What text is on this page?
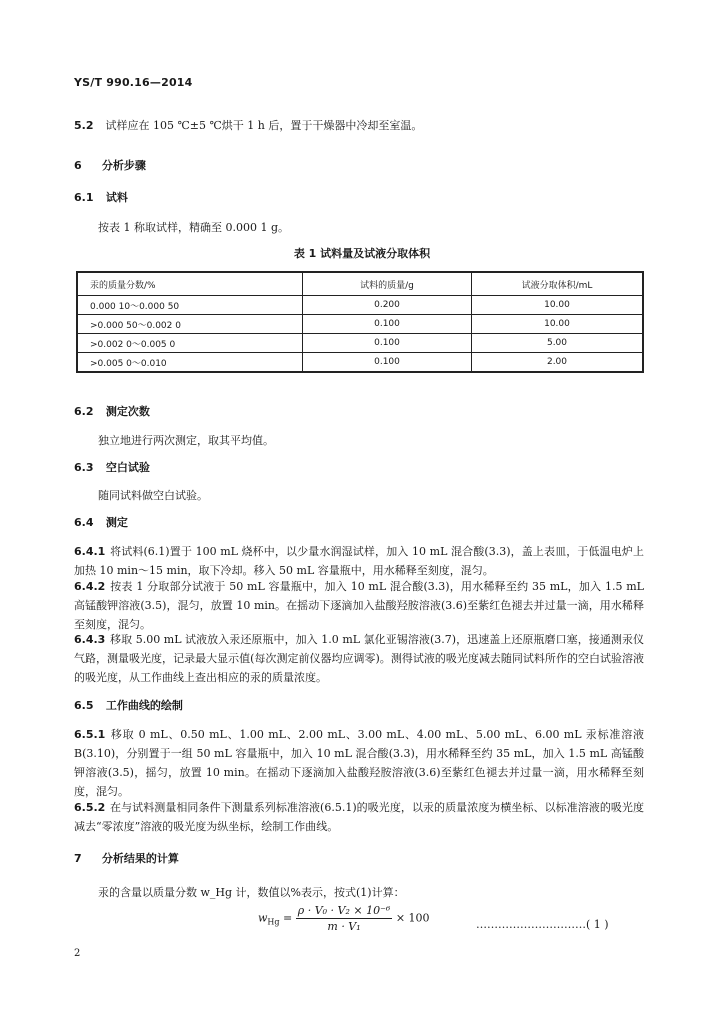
YS/T 990.16—2014
5.2 试样应在 105 ℃±5 ℃烘干 1 h 后，置于干燥器中冷却至室温。
6 分析步骤
6.1 试料
按表 1 称取试样，精确至 0.000 1 g。
表 1 试料量及试液分取体积
汞的质量分数/%	试料的质量/g	试液分取体积/mL
0.000 10～0.000 50	0.200	10.00
>0.000 50～0.002 0	0.100	10.00
>0.002 0～0.005 0	0.100	5.00
>0.005 0～0.010	0.100	2.00
6.2 测定次数
独立地进行两次测定，取其平均值。
6.3 空白试验
随同试料做空白试验。
6.4 测定
6.4.1 将试料(6.1)置于 100 mL 烧杯中，以少量水润湿试样，加入 10 mL 混合酸(3.3)，盖上表皿，于低温电炉上加热 10 min～15 min，取下冷却。移入 50 mL 容量瓶中，用水稀释至刻度，混匀。
6.4.2 按表 1 分取部分试液于 50 mL 容量瓶中，加入 10 mL 混合酸(3.3)，用水稀释至约 35 mL，加入 1.5 mL 高锰酸钾溶液(3.5)，混匀，放置 10 min。在摇动下逐滴加入盐酸羟胺溶液(3.6)至紫红色褪去并过量一滴，用水稀释至刻度，混匀。
6.4.3 移取 5.00 mL 试液放入汞还原瓶中，加入 1.0 mL 氯化亚锡溶液(3.7)，迅速盖上还原瓶磨口塞，接通测汞仪气路，测量吸光度，记录最大显示值(每次测定前仪器均应调零)。测得试液的吸光度减去随同试料所作的空白试验溶液的吸光度，从工作曲线上查出相应的汞的质量浓度。
6.5 工作曲线的绘制
6.5.1 移取 0 mL、0.50 mL、1.00 mL、2.00 mL、3.00 mL、4.00 mL、5.00 mL、6.00 mL 汞标准溶液 B(3.10)，分别置于一组 50 mL 容量瓶中，加入 10 mL 混合酸(3.3)，用水稀释至约 35 mL，加入 1.5 mL 高锰酸钾溶液(3.5)，摇匀，放置 10 min。在摇动下逐滴加入盐酸羟胺溶液(3.6)至紫红色褪去并过量一滴，用水稀释至刻度，混匀。
6.5.2 在与试料测量相同条件下测量系列标准溶液(6.5.1)的吸光度，以汞的质量浓度为横坐标、以标准溶液的吸光度减去“零浓度”溶液的吸光度为纵坐标，绘制工作曲线。
7 分析结果的计算
汞的含量以质量分数 w_Hg 计，数值以%表示，按式(1)计算：
$w_{Hg} = \frac{\text{ρ · V₀ · V₂ × 10⁻⁶}}{\text{m · V₁}} \times 100$	…………………………( 1 )
2
